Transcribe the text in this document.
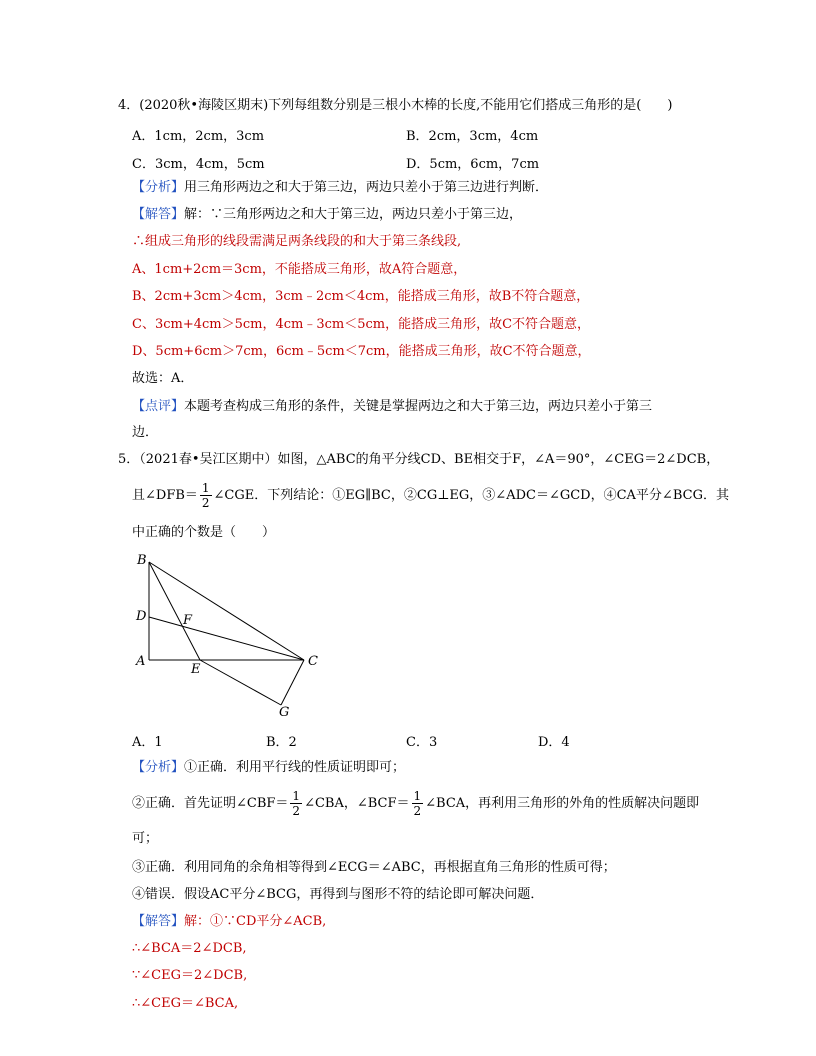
4．(2020秋•海陵区期末)下列每组数分别是三根小木棒的长度,不能用它们搭成三角形的是(　　)
A．1cm，2cm，3cm	B．2cm，3cm，4cm
C．3cm，4cm，5cm	D．5cm，6cm，7cm
【分析】用三角形两边之和大于第三边，两边只差小于第三边进行判断．
【解答】解：∵三角形两边之和大于第三边，两边只差小于第三边，
∴组成三角形的线段需满足两条线段的和大于第三条线段,
A、1cm+2cm＝3cm，不能搭成三角形，故A符合题意，
B、2cm+3cm＞4cm，3cm﹣2cm＜4cm，能搭成三角形，故B不符合题意，
C、3cm+4cm＞5cm，4cm﹣3cm＜5cm，能搭成三角形，故C不符合题意，
D、5cm+6cm＞7cm，6cm﹣5cm＜7cm，能搭成三角形，故C不符合题意，
故选：A．
【点评】本题考查构成三角形的条件，关键是掌握两边之和大于第三边，两边只差小于第三
边．
5．（2021春•吴江区期中）如图，△ABC的角平分线CD、BE相交于F，∠A＝90°，∠CEG＝2∠DCB，
且∠DFB＝ $\frac{1}{2}$ ∠CGE．下列结论：①EG∥BC，②CG⊥EG，③∠ADC＝∠GCD，④CA平分∠BCG．其
中正确的个数是（　　）
B
D	F
A
E
C
G
A．1	B．2	C．3	D．4
【分析】①正确．利用平行线的性质证明即可；
②正确．首先证明∠CBF＝ $\frac{1}{2}$ ∠CBA，∠BCF＝ $\frac{1}{2}$ ∠BCA，再利用三角形的外角的性质解决问题即
可；
③正确．利用同角的余角相等得到∠ECG＝∠ABC，再根据直角三角形的性质可得；
④错误．假设AC平分∠BCG，再得到与图形不符的结论即可解决问题．
【解答】解：①∵CD平分∠ACB,
∴∠BCA＝2∠DCB,
∵∠CEG＝2∠DCB,
∴∠CEG＝∠BCA,
